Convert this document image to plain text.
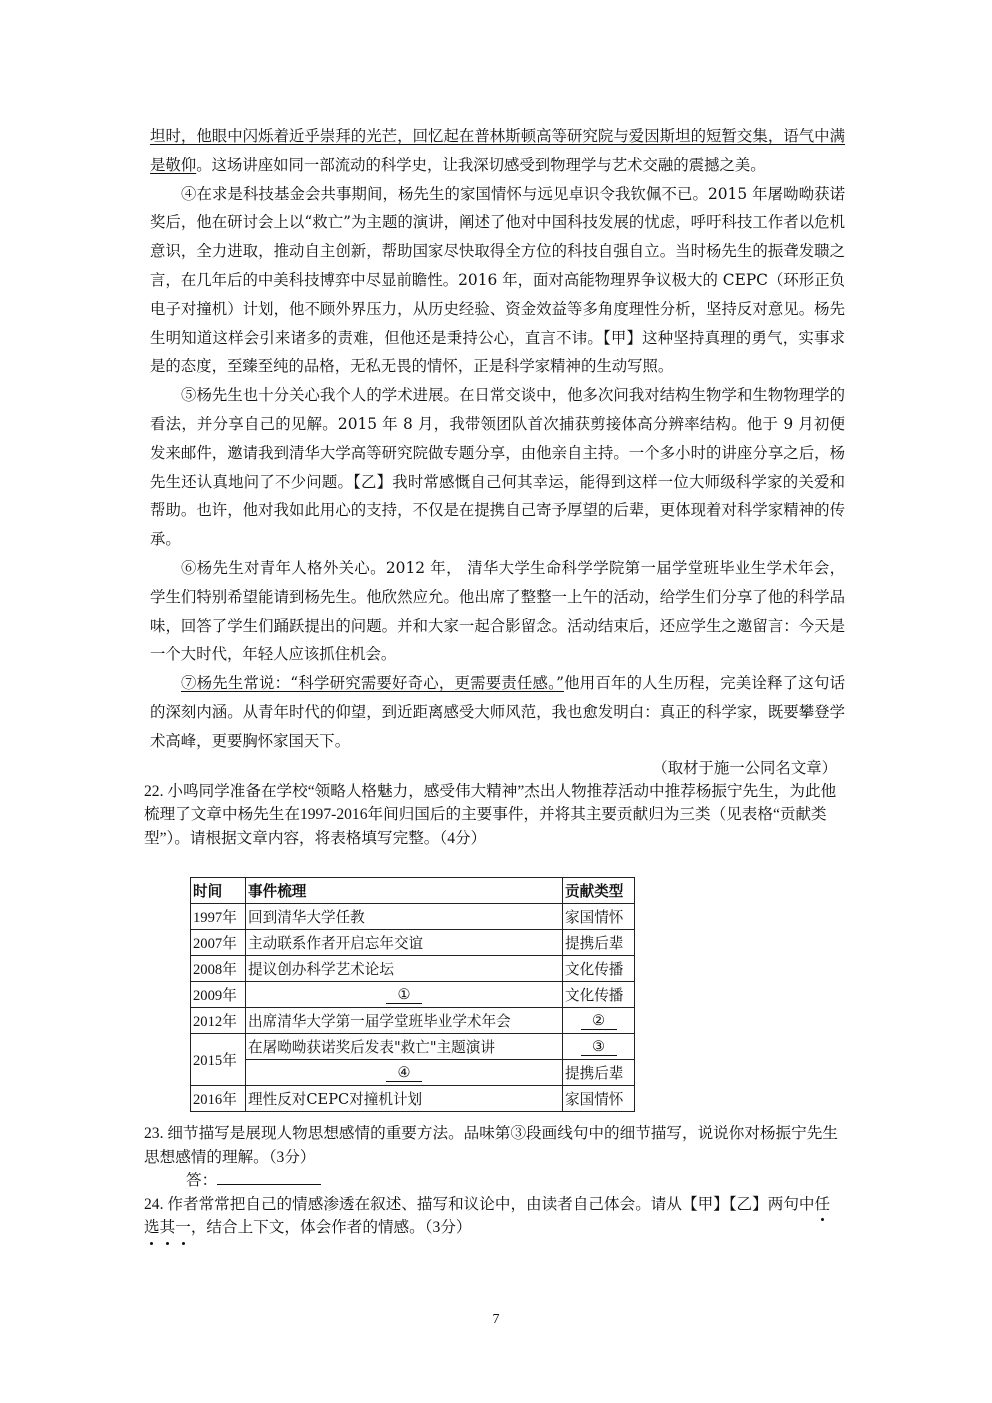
坦时，他眼中闪烁着近乎崇拜的光芒，回忆起在普林斯顿高等研究院与爱因斯坦的短暂交集，语气中满是敬仰。这场讲座如同一部流动的科学史，让我深切感受到物理学与艺术交融的震撼之美。

④在求是科技基金会共事期间，杨先生的家国情怀与远见卓识令我钦佩不已。2015 年屠呦呦获诺奖后，他在研讨会上以“救亡”为主题的演讲，阐述了他对中国科技发展的忧虑，呼吁科技工作者以危机意识，全力进取，推动自主创新，帮助国家尽快取得全方位的科技自强自立。当时杨先生的振聋发聩之言，在几年后的中美科技博弈中尽显前瞻性。2016 年，面对高能物理界争议极大的 CEPC（环形正负电子对撞机）计划，他不顾外界压力，从历史经验、资金效益等多角度理性分析，坚持反对意见。杨先生明知道这样会引来诸多的责难，但他还是秉持公心，直言不讳。【甲】这种坚持真理的勇气，实事求是的态度，至臻至纯的品格，无私无畏的情怀，正是科学家精神的生动写照。

⑤杨先生也十分关心我个人的学术进展。在日常交谈中，他多次问我对结构生物学和生物物理学的看法，并分享自己的见解。2015 年 8 月，我带领团队首次捕获剪接体高分辨率结构。他于 9 月初便发来邮件，邀请我到清华大学高等研究院做专题分享，由他亲自主持。一个多小时的讲座分享之后，杨先生还认真地问了不少问题。【乙】我时常感慨自己何其幸运，能得到这样一位大师级科学家的关爱和帮助。也许，他对我如此用心的支持，不仅是在提携自己寄予厚望的后辈，更体现着对科学家精神的传承。

⑥杨先生对青年人格外关心。2012 年， 清华大学生命科学学院第一届学堂班毕业生学术年会，学生们特别希望能请到杨先生。他欣然应允。他出席了整整一上午的活动，给学生们分享了他的科学品味，回答了学生们踊跃提出的问题。并和大家一起合影留念。活动结束后，还应学生之邀留言：今天是一个大时代，年轻人应该抓住机会。

⑦杨先生常说：“科学研究需要好奇心，更需要责任感。”他用百年的人生历程，完美诠释了这句话的深刻内涵。从青年时代的仰望，到近距离感受大师风范，我也愈发明白：真正的科学家，既要攀登学术高峰，更要胸怀家国天下。

（取材于施一公同名文章）

22. 小鸣同学准备在学校“领略人格魅力，感受伟大精神”杰出人物推荐活动中推荐杨振宁先生，为此他梳理了文章中杨先生在1997-2016年间归国后的主要事件，并将其主要贡献归为三类（见表格“贡献类型”）。请根据文章内容，将表格填写完整。（4分）

时间	事件梳理	贡献类型
1997年	回到清华大学任教	家国情怀
2007年	主动联系作者开启忘年交谊	提携后辈
2008年	提议创办科学艺术论坛	文化传播
2009年	①	文化传播
2012年	出席清华大学第一届学堂班毕业学术年会	②
2015年	在屠呦呦获诺奖后发表"救亡"主题演讲	③
	④	提携后辈
2016年	理性反对CEPC对撞机计划	家国情怀

23. 细节描写是展现人物思想感情的重要方法。品味第③段画线句中的细节描写，说说你对杨振宁先生思想感情的理解。（3分）

答：

24. 作者常常把自己的情感渗透在叙述、描写和议论中，由读者自己体会。请从【甲】【乙】两句中任选其一，结合上下文，体会作者的情感。（3分）

7
